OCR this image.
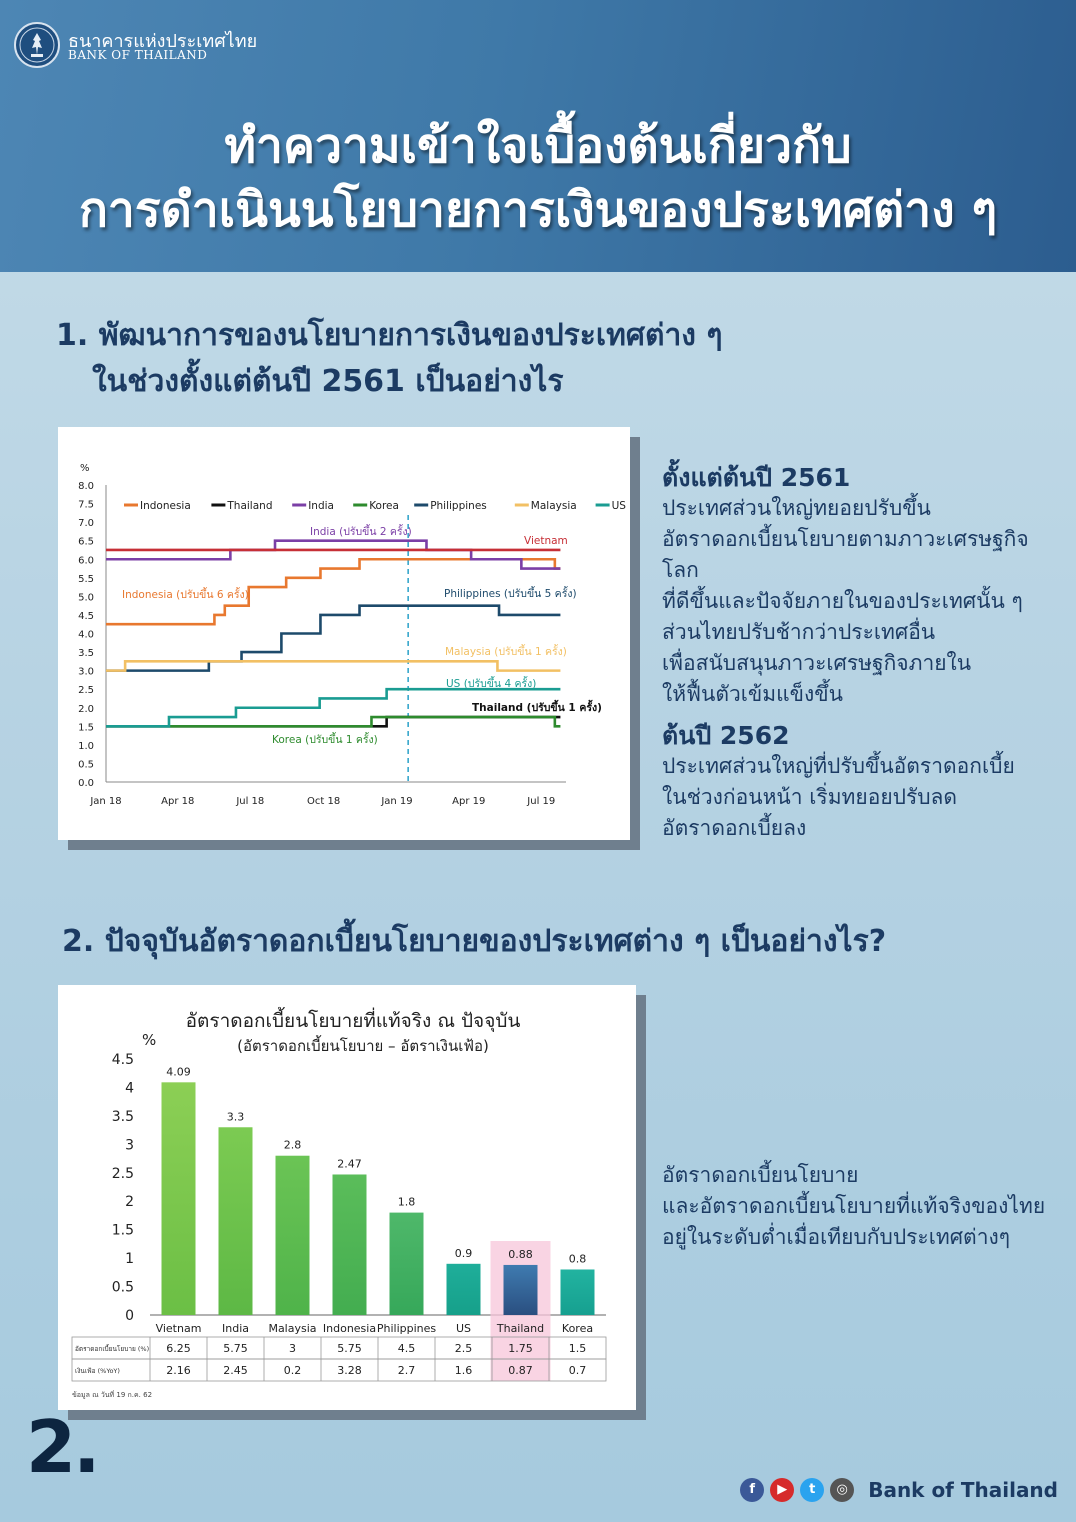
ธนาคารแห่งประเทศไทย
BANK OF THAILAND
ทำความเข้าใจเบื้องต้นเกี่ยวกับ
การดำเนินนโยบายการเงินของประเทศต่าง ๆ
1. พัฒนาการของนโยบายการเงินของประเทศต่าง ๆ
ในช่วงตั้งแต่ต้นปี 2561 เป็นอย่างไร
%
0.0
0.5
1.0
1.5
2.0
2.5
3.0
3.5
4.0
4.5
5.0
5.5
6.0
6.5
7.0
7.5
8.0
Jan 18	Apr 18	Jul 18	Oct 18	Jan 19	Apr 19	Jul 19
Indonesia	Thailand	India	Korea	Philippines	Malaysia	US
Indonesia (ปรับขึ้น 6 ครั้ง)
Thailand (ปรับขึ้น 1 ครั้ง)
India (ปรับขึ้น 2 ครั้ง)
Korea (ปรับขึ้น 1 ครั้ง)
Philippines (ปรับขึ้น 5 ครั้ง)
Malaysia (ปรับขึ้น 1 ครั้ง)
US (ปรับขึ้น 4 ครั้ง)
Vietnam
ตั้งแต่ต้นปี 2561
ประเทศส่วนใหญ่ทยอยปรับขึ้น
อัตราดอกเบี้ยนโยบายตามภาวะเศรษฐกิจโลก
ที่ดีขึ้นและปัจจัยภายในของประเทศนั้น ๆ
ส่วนไทยปรับช้ากว่าประเทศอื่น
เพื่อสนับสนุนภาวะเศรษฐกิจภายใน
ให้ฟื้นตัวเข้มแข็งขึ้น
ต้นปี 2562
ประเทศส่วนใหญ่ที่ปรับขึ้นอัตราดอกเบี้ย
ในช่วงก่อนหน้า เริ่มทยอยปรับลด
อัตราดอกเบี้ยลง
2. ปัจจุบันอัตราดอกเบี้ยนโยบายของประเทศต่าง ๆ เป็นอย่างไร?
อัตราดอกเบี้ยนโยบายที่แท้จริง ณ ปัจจุบัน
(อัตราดอกเบี้ยนโยบาย – อัตราเงินเฟ้อ)
%
0
0.5
1
1.5
2
2.5
3
3.5
4
4.5
4.09
Vietnam
3.3
India
2.8
Malaysia
2.47
Indonesia
1.8
Philippines
0.9
US
0.88
Thailand
0.8
Korea
อัตราดอกเบี้ยนโยบาย (%) 6.25	5.75	3	5.75	4.5	2.5	1.75	1.5
เงินเฟ้อ (%YoY)	2.16	2.45	0.2	3.28	2.7	1.6	0.87	0.7
ข้อมูล ณ วันที่ 19 ก.ค. 62
อัตราดอกเบี้ยนโยบาย
และอัตราดอกเบี้ยนโยบายที่แท้จริงของไทย
อยู่ในระดับต่ำเมื่อเทียบกับประเทศต่างๆ
2.
f	▶	t	◎	Bank of Thailand
